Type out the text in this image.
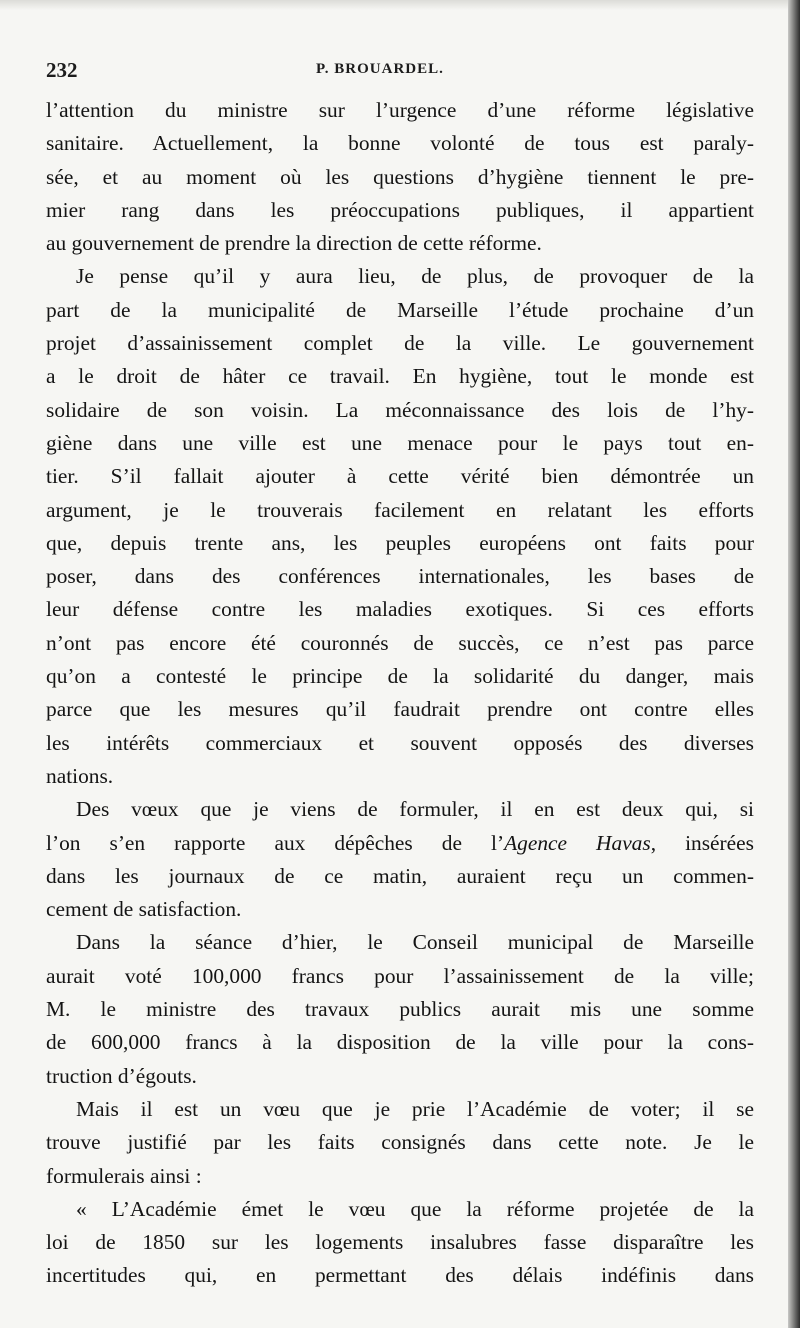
232	P. BROUARDEL.
l’attention du ministre sur l’urgence d’une réforme législative
sanitaire. Actuellement, la bonne volonté de tous est paraly-
sée, et au moment où les questions d’hygiène tiennent le pre-
mier rang dans les préoccupations publiques, il appartient
au gouvernement de prendre la direction de cette réforme.
Je pense qu’il y aura lieu, de plus, de provoquer de la
part de la municipalité de Marseille l’étude prochaine d’un
projet d’assainissement complet de la ville. Le gouvernement
a le droit de hâter ce travail. En hygiène, tout le monde est
solidaire de son voisin. La méconnaissance des lois de l’hy-
giène dans une ville est une menace pour le pays tout en-
tier. S’il fallait ajouter à cette vérité bien démontrée un
argument, je le trouverais facilement en relatant les efforts
que, depuis trente ans, les peuples européens ont faits pour
poser, dans des conférences internationales, les bases de
leur défense contre les maladies exotiques. Si ces efforts
n’ont pas encore été couronnés de succès, ce n’est pas parce
qu’on a contesté le principe de la solidarité du danger, mais
parce que les mesures qu’il faudrait prendre ont contre elles
les intérêts commerciaux et souvent opposés des diverses
nations.
Des vœux que je viens de formuler, il en est deux qui, si
l’on s’en rapporte aux dépêches de l’Agence Havas, insérées
dans les journaux de ce matin, auraient reçu un commen-
cement de satisfaction.
Dans la séance d’hier, le Conseil municipal de Marseille
aurait voté 100,000 francs pour l’assainissement de la ville;
M. le ministre des travaux publics aurait mis une somme
de 600,000 francs à la disposition de la ville pour la cons-
truction d’égouts.
Mais il est un vœu que je prie l’Académie de voter; il se
trouve justifié par les faits consignés dans cette note. Je le
formulerais ainsi :
« L’Académie émet le vœu que la réforme projetée de la
loi de 1850 sur les logements insalubres fasse disparaître les
incertitudes qui, en permettant des délais indéfinis dans
